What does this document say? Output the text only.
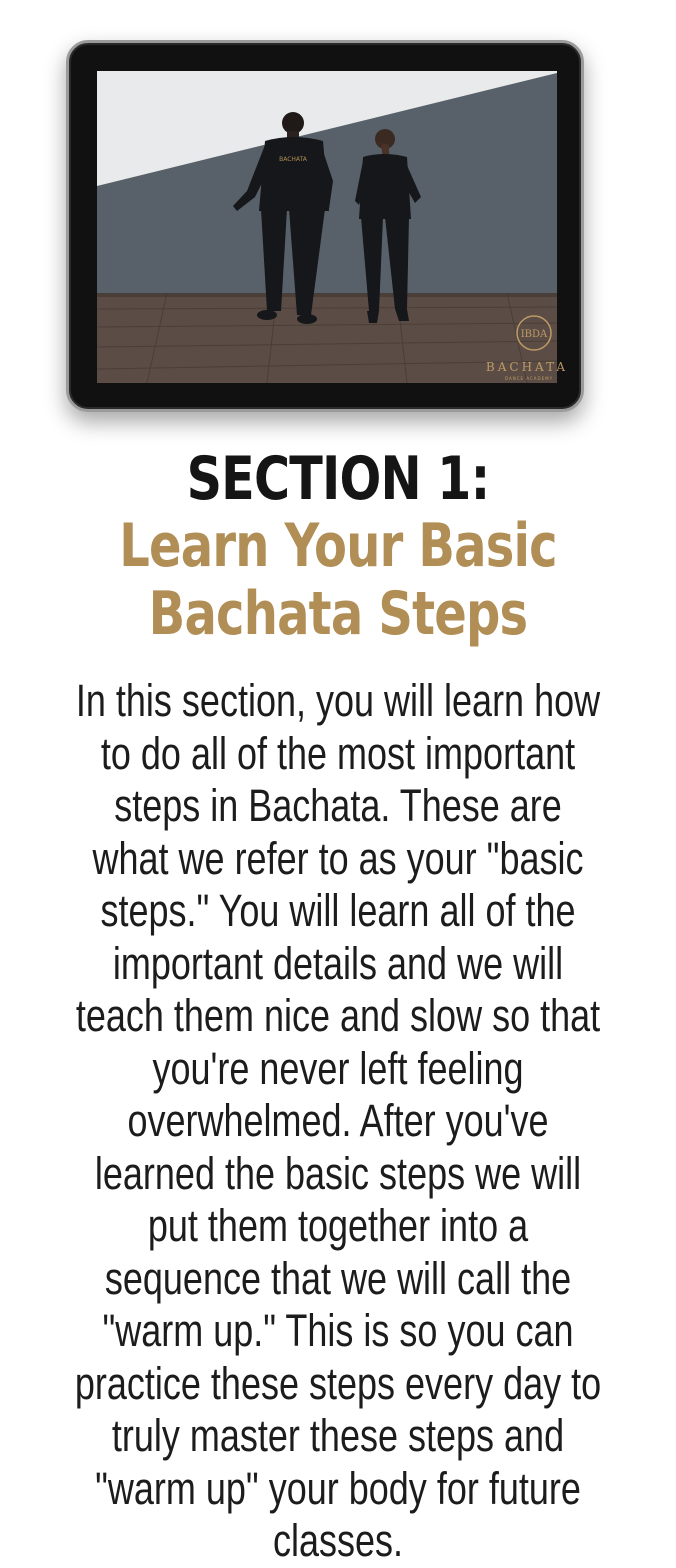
BACHATA
IBDA
BACHATA
DANCE ACADEMY
SECTION 1:
Learn Your Basic
Bachata Steps

In this section, you will learn how to do all of the most important steps in Bachata. These are what we refer to as your "basic steps." You will learn all of the important details and we will teach them nice and slow so that you're never left feeling overwhelmed. After you've learned the basic steps we will put them together into a sequence that we will call the "warm up." This is so you can practice these steps every day to truly master these steps and "warm up" your body for future classes.
